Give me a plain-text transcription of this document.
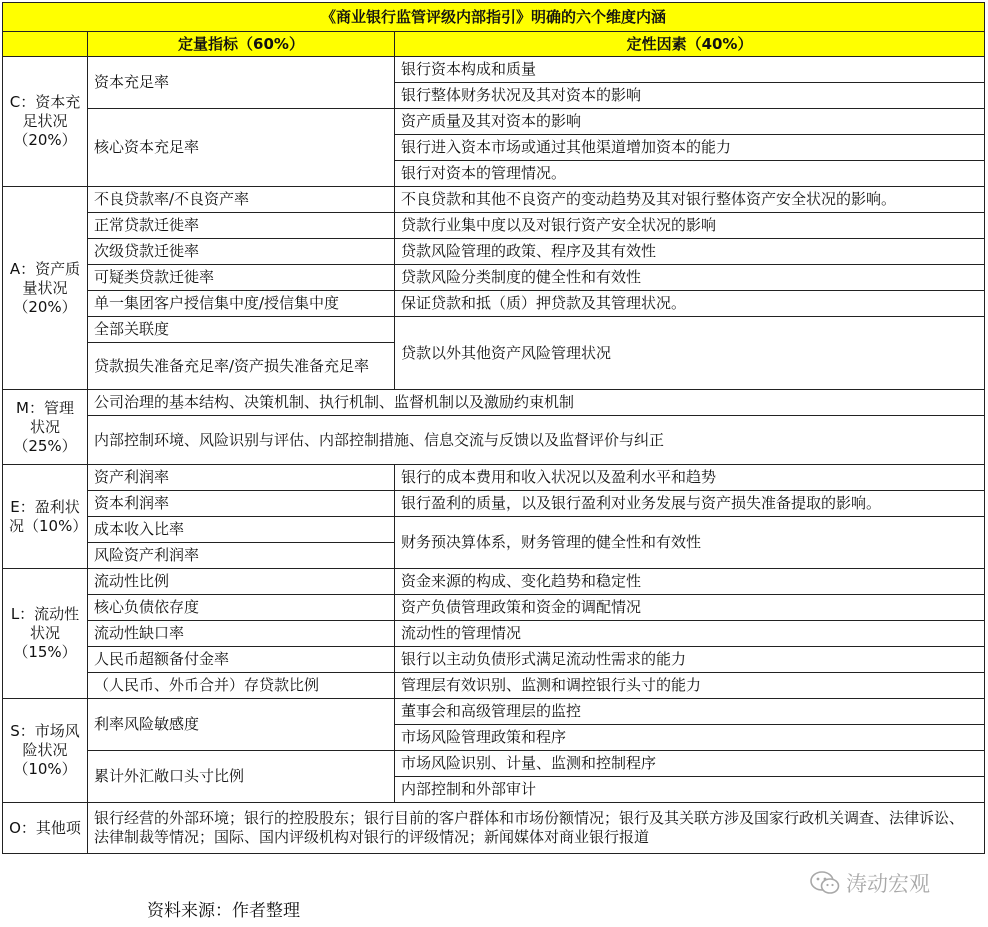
《商业银行监管评级内部指引》明确的六个维度内涵		
	定量指标（60%）	定性因素（40%）
C：资本充足状况（20%）	资本充足率	银行资本构成和质量
		银行整体财务状况及其对资本的影响
	核心资本充足率	资产质量及其对资本的影响
		银行进入资本市场或通过其他渠道增加资本的能力
		银行对资本的管理情况。
A：资产质量状况（20%）	不良贷款率/不良资产率	不良贷款和其他不良资产的变动趋势及其对银行整体资产安全状况的影响。
	正常贷款迁徙率	贷款行业集中度以及对银行资产安全状况的影响
	次级贷款迁徙率	贷款风险管理的政策、程序及其有效性
	可疑类贷款迁徙率	贷款风险分类制度的健全性和有效性
	单一集团客户授信集中度/授信集中度	保证贷款和抵（质）押贷款及其管理状况。
	全部关联度	贷款以外其他资产风险管理状况
	贷款损失准备充足率/资产损失准备充足率	
M：管理状况（25%）	公司治理的基本结构、决策机制、执行机制、监督机制以及激励约束机制	
	内部控制环境、风险识别与评估、内部控制措施、信息交流与反馈以及监督评价与纠正	
E：盈利状况（10%）	资产利润率	银行的成本费用和收入状况以及盈利水平和趋势
	资本利润率	银行盈利的质量，以及银行盈利对业务发展与资产损失准备提取的影响。
	成本收入比率	财务预决算体系，财务管理的健全性和有效性
	风险资产利润率	
L：流动性状况（15%）	流动性比例	资金来源的构成、变化趋势和稳定性
	核心负债依存度	资产负债管理政策和资金的调配情况
	流动性缺口率	流动性的管理情况
	人民币超额备付金率	银行以主动负债形式满足流动性需求的能力
	（人民币、外币合并）存贷款比例	管理层有效识别、监测和调控银行头寸的能力
S：市场风险状况（10%）	利率风险敏感度	董事会和高级管理层的监控
		市场风险管理政策和程序
	累计外汇敞口头寸比例	市场风险识别、计量、监测和控制程序
		内部控制和外部审计
O：其他项	银行经营的外部环境；银行的控股股东；银行目前的客户群体和市场份额情况；银行及其关联方涉及国家行政机关调查、法律诉讼、法律制裁等情况；国际、国内评级机构对银行的评级情况；新闻媒体对商业银行报道	
资料来源：作者整理
涛动宏观
